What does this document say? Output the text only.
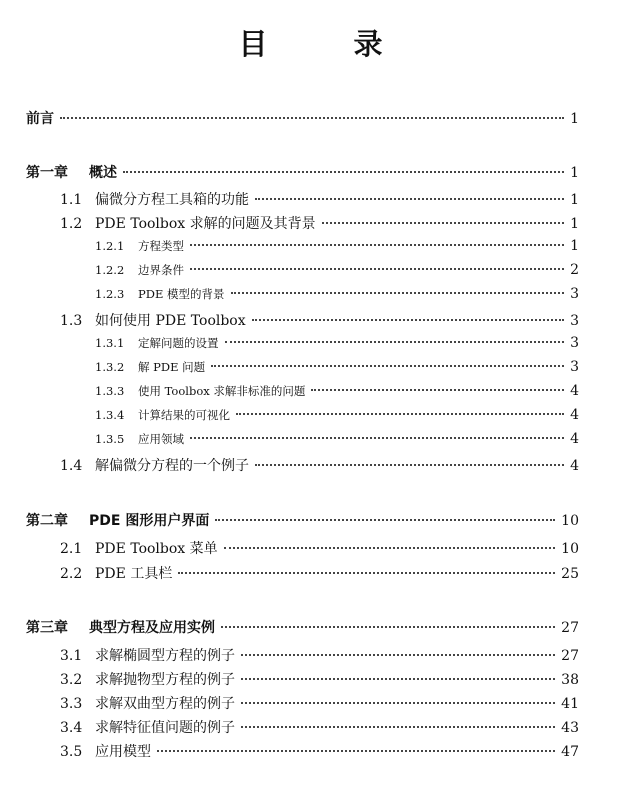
目 录
前言	1
第一章	概述	1
1.1 偏微分方程工具箱的功能	1
1.2 PDE Toolbox 求解的问题及其背景	1
1.2.1	方程类型	1
1.2.2	边界条件	2
1.2.3	PDE 模型的背景	3
1.3 如何使用 PDE Toolbox	3
1.3.1	定解问题的设置	3
1.3.2	解 PDE 问题	3
1.3.3	使用 Toolbox 求解非标准的问题	4
1.3.4	计算结果的可视化	4
1.3.5	应用领域	4
1.4 解偏微分方程的一个例子	4
第二章	PDE 图形用户界面	10
2.1 PDE Toolbox 菜单	10
2.2 PDE 工具栏	25
第三章	典型方程及应用实例	27
3.1 求解椭圆型方程的例子	27
3.2 求解抛物型方程的例子	38
3.3 求解双曲型方程的例子	41
3.4 求解特征值问题的例子	43
3.5 应用模型	47
